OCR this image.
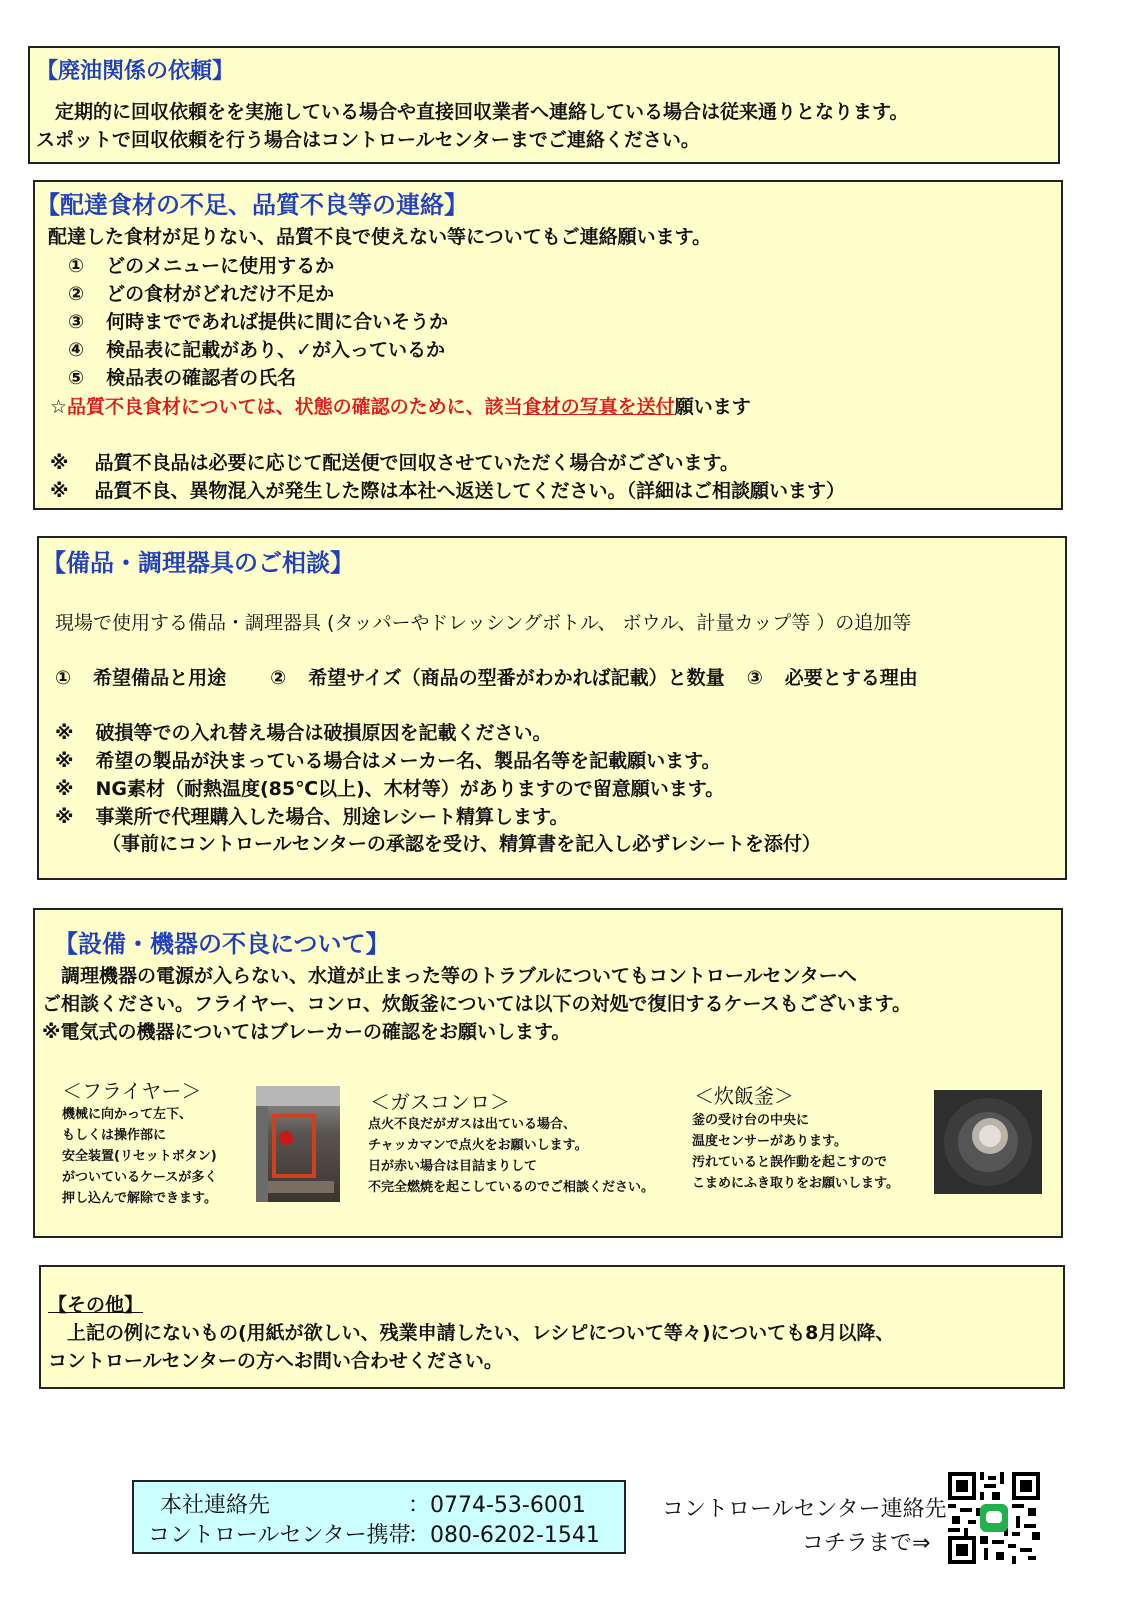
【廃油関係の依頼】
　定期的に回収依頼をを実施している場合や直接回収業者へ連絡している場合は従来通りとなります。
スポットで回収依頼を行う場合はコントロールセンターまでご連絡ください。
【配達食材の不足、品質不良等の連絡】
配達した食材が足りない、品質不良で使えない等についてもご連絡願います。
① どのメニューに使用するか
② どの食材がどれだけ不足か
③ 何時までであれば提供に間に合いそうか
④ 検品表に記載があり、✓が入っているか
⑤ 検品表の確認者の氏名
☆品質不良食材については、状態の確認のために、該当食材の写真を送付願います
※ 品質不良品は必要に応じて配送便で回収させていただく場合がございます。
※ 品質不良、異物混入が発生した際は本社へ返送してください。（詳細はご相談願います）
【備品・調理器具のご相談】
現場で使用する備品・調理器具 (タッパーやドレッシングボトル、 ボウル、計量カップ等 ）の追加等
① 希望備品と用途 ② 希望サイズ（商品の型番がわかれば記載）と数量 ③ 必要とする理由
※ 破損等での入れ替え場合は破損原因を記載ください。
※ 希望の製品が決まっている場合はメーカー名、製品名等を記載願います。
※ NG素材（耐熱温度(85℃以上)、木材等）がありますので留意願います。
※ 事業所で代理購入した場合、別途レシート精算します。
（事前にコントロールセンターの承認を受け、精算書を記入し必ずレシートを添付）
【設備・機器の不良について】
　調理機器の電源が入らない、水道が止まった等のトラブルについてもコントロールセンターへ
ご相談ください。フライヤー、コンロ、炊飯釜については以下の対処で復旧するケースもございます。
※電気式の機器についてはブレーカーの確認をお願いします。
＜フライヤー＞
機械に向かって左下、
もしくは操作部に
安全装置(リセットボタン)
がついているケースが多く
押し込んで解除できます。
＜ガスコンロ＞
点火不良だがガスは出ている場合、
チャッカマンで点火をお願いします。
日が赤い場合は目詰まりして
不完全燃焼を起こしているのでご相談ください。
＜炊飯釜＞
釜の受け台の中央に
温度センサーがあります。
汚れていると誤作動を起こすので
こまめにふき取りをお願いします。
【その他】
　上記の例にないもの(用紙が欲しい、残業申請したい、レシピについて等々)についても8月以降、
コントロールセンターの方へお問い合わせください。
本社連絡先	：0774-53-6001
コントロールセンター携帯
：080-6202-1541
コントロールセンター連絡先
コチラまで⇒
